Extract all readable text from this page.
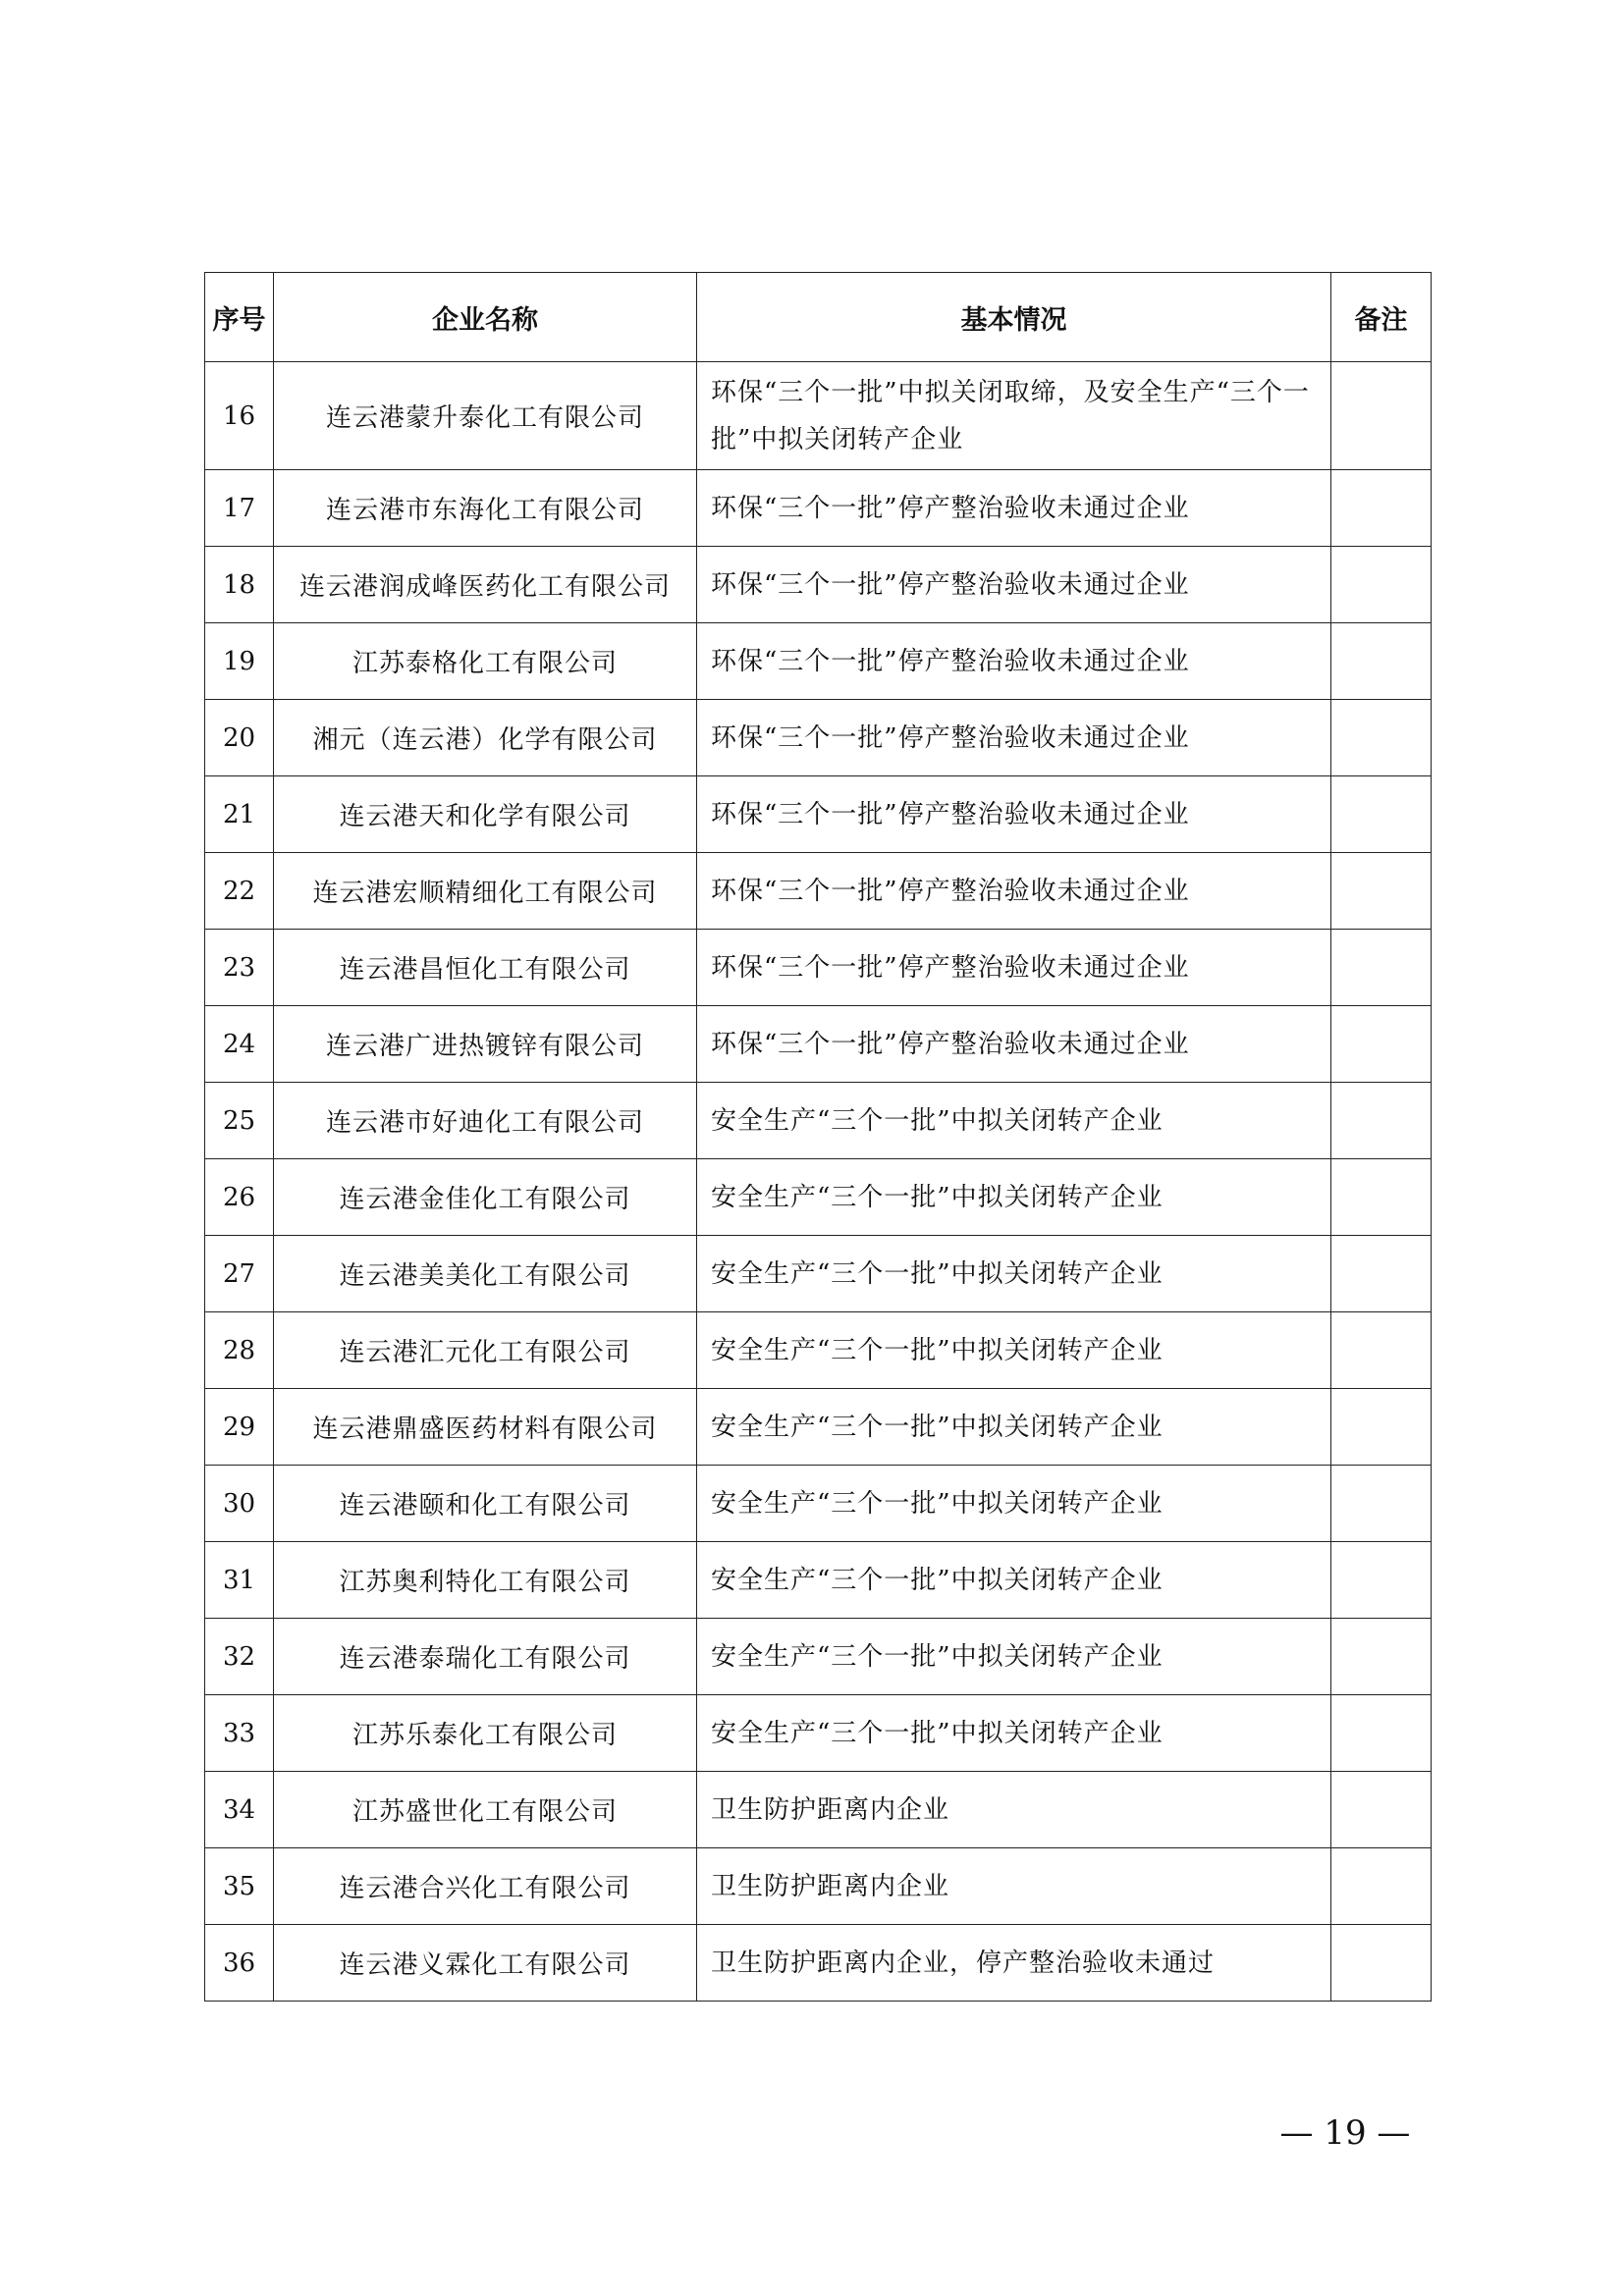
序号	企业名称	基本情况	备注
16	连云港蒙升泰化工有限公司	环保“三个一批”中拟关闭取缔，及安全生产“三个一批”中拟关闭转产企业	
17	连云港市东海化工有限公司	环保“三个一批”停产整治验收未通过企业	
18	连云港润成峰医药化工有限公司	环保“三个一批”停产整治验收未通过企业	
19	江苏泰格化工有限公司	环保“三个一批”停产整治验收未通过企业	
20	湘元（连云港）化学有限公司	环保“三个一批”停产整治验收未通过企业	
21	连云港天和化学有限公司	环保“三个一批”停产整治验收未通过企业	
22	连云港宏顺精细化工有限公司	环保“三个一批”停产整治验收未通过企业	
23	连云港昌恒化工有限公司	环保“三个一批”停产整治验收未通过企业	
24	连云港广进热镀锌有限公司	环保“三个一批”停产整治验收未通过企业	
25	连云港市好迪化工有限公司	安全生产“三个一批”中拟关闭转产企业	
26	连云港金佳化工有限公司	安全生产“三个一批”中拟关闭转产企业	
27	连云港美美化工有限公司	安全生产“三个一批”中拟关闭转产企业	
28	连云港汇元化工有限公司	安全生产“三个一批”中拟关闭转产企业	
29	连云港鼎盛医药材料有限公司	安全生产“三个一批”中拟关闭转产企业	
30	连云港颐和化工有限公司	安全生产“三个一批”中拟关闭转产企业	
31	江苏奥利特化工有限公司	安全生产“三个一批”中拟关闭转产企业	
32	连云港泰瑞化工有限公司	安全生产“三个一批”中拟关闭转产企业	
33	江苏乐泰化工有限公司	安全生产“三个一批”中拟关闭转产企业	
34	江苏盛世化工有限公司	卫生防护距离内企业	
35	连云港合兴化工有限公司	卫生防护距离内企业	
36	连云港义霖化工有限公司	卫生防护距离内企业，停产整治验收未通过	
— 19 —
